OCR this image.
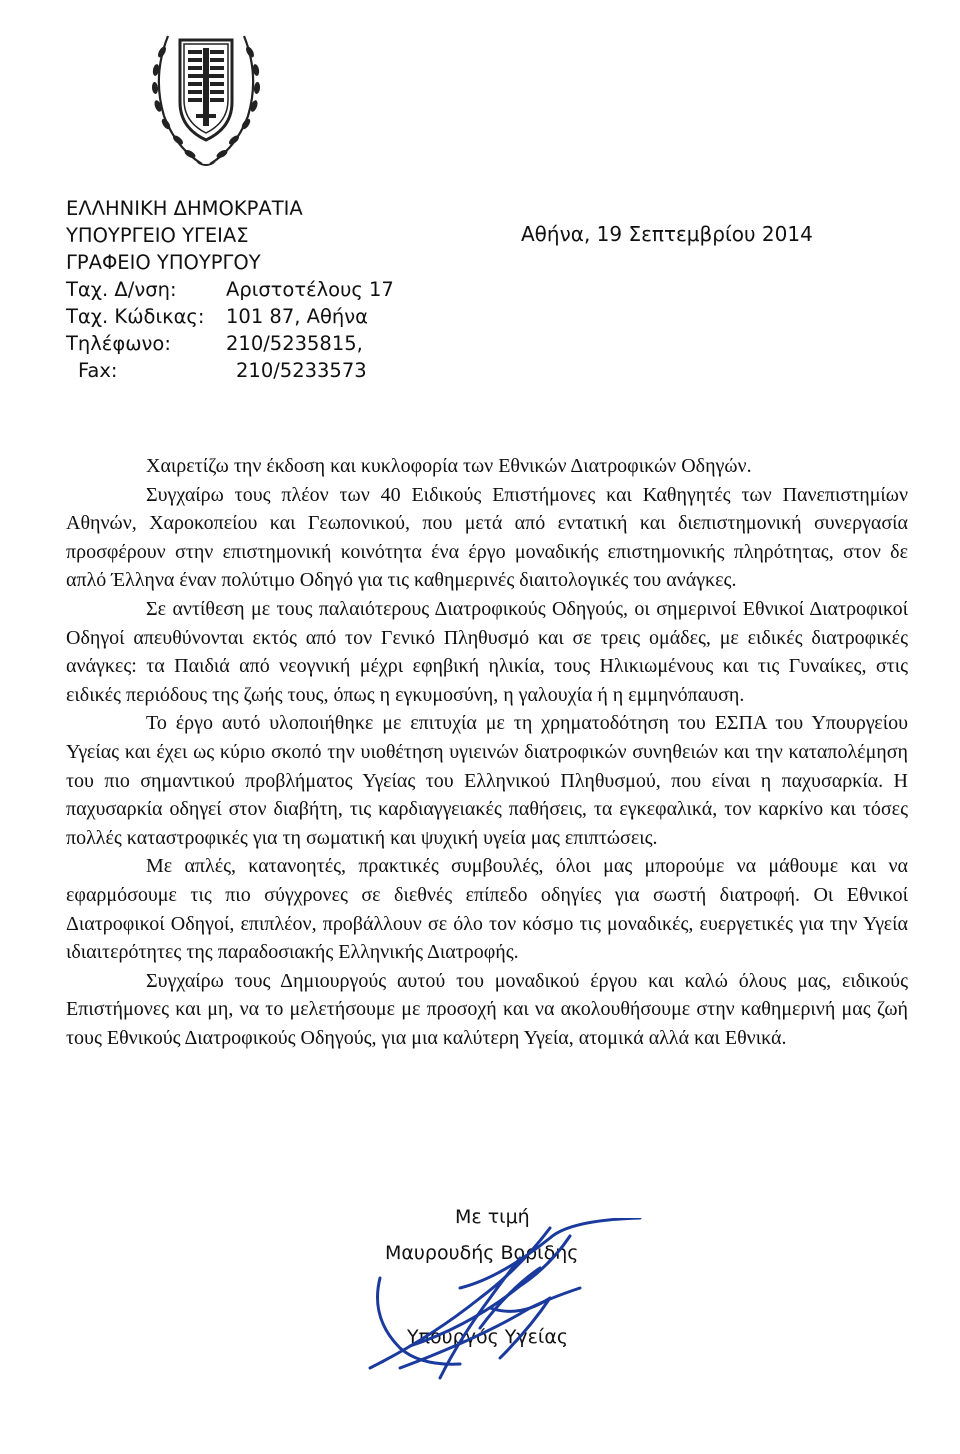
ΕΛΛΗΝΙΚΗ ΔΗΜΟΚΡΑΤΙΑ
ΥΠΟΥΡΓΕΙΟ ΥΓΕΙΑΣ
ΓΡΑΦΕΙΟ ΥΠΟΥΡΓΟΥ
Ταχ. Δ/νση:	Αριστοτέλους 17
Ταχ. Κώδικας: 101 87, Αθήνα
Τηλέφωνο:	210/5235815,
Fax:	210/5233573
Αθήνα, 19 Σεπτεμβρίου 2014

Χαιρετίζω την έκδοση και κυκλοφορία των Εθνικών Διατροφικών Οδηγών.

Συγχαίρω τους πλέον των 40 Ειδικούς Επιστήμονες και Καθηγητές των Πανεπιστημίων Αθηνών, Χαροκοπείου και Γεωπονικού, που μετά από εντατική και διεπιστημονική συνεργασία προσφέρουν στην επιστημονική κοινότητα ένα έργο μοναδικής επιστημονικής πληρότητας, στον δε απλό Έλληνα έναν πολύτιμο Οδηγό για τις καθημερινές διαιτολογικές του ανάγκες.

Σε αντίθεση με τους παλαιότερους Διατροφικούς Οδηγούς, οι σημερινοί Εθνικοί Διατροφικοί Οδηγοί απευθύνονται εκτός από τον Γενικό Πληθυσμό και σε τρεις ομάδες, με ειδικές διατροφικές ανάγκες: τα Παιδιά από νεογνική μέχρι εφηβική ηλικία, τους Ηλικιωμένους και τις Γυναίκες, στις ειδικές περιόδους της ζωής τους, όπως η εγκυμοσύνη, η γαλουχία ή η εμμηνόπαυση.

Το έργο αυτό υλοποιήθηκε με επιτυχία με τη χρηματοδότηση του ΕΣΠΑ του Υπουργείου Υγείας και έχει ως κύριο σκοπό την υιοθέτηση υγιεινών διατροφικών συνηθειών και την καταπολέμηση του πιο σημαντικού προβλήματος Υγείας του Ελληνικού Πληθυσμού, που είναι η παχυσαρκία. Η παχυσαρκία οδηγεί στον διαβήτη, τις καρδιαγγειακές παθήσεις, τα εγκεφαλικά, τον καρκίνο και τόσες πολλές καταστροφικές για τη σωματική και ψυχική υγεία μας επιπτώσεις.

Με απλές, κατανοητές, πρακτικές συμβουλές, όλοι μας μπορούμε να μάθουμε και να εφαρμόσουμε τις πιο σύγχρονες σε διεθνές επίπεδο οδηγίες για σωστή διατροφή. Οι Εθνικοί Διατροφικοί Οδηγοί, επιπλέον, προβάλλουν σε όλο τον κόσμο τις μοναδικές, ευεργετικές για την Υγεία ιδιαιτερότητες της παραδοσιακής Ελληνικής Διατροφής.

Συγχαίρω τους Δημιουργούς αυτού του μοναδικού έργου και καλώ όλους μας, ειδικούς Επιστήμονες και μη, να το μελετήσουμε με προσοχή και να ακολουθήσουμε στην καθημερινή μας ζωή τους Εθνικούς Διατροφικούς Οδηγούς, για μια καλύτερη Υγεία, ατομικά αλλά και Εθνικά.

Με τιμή
Μαυρουδής Βορίδης
Υπουργός Υγείας
